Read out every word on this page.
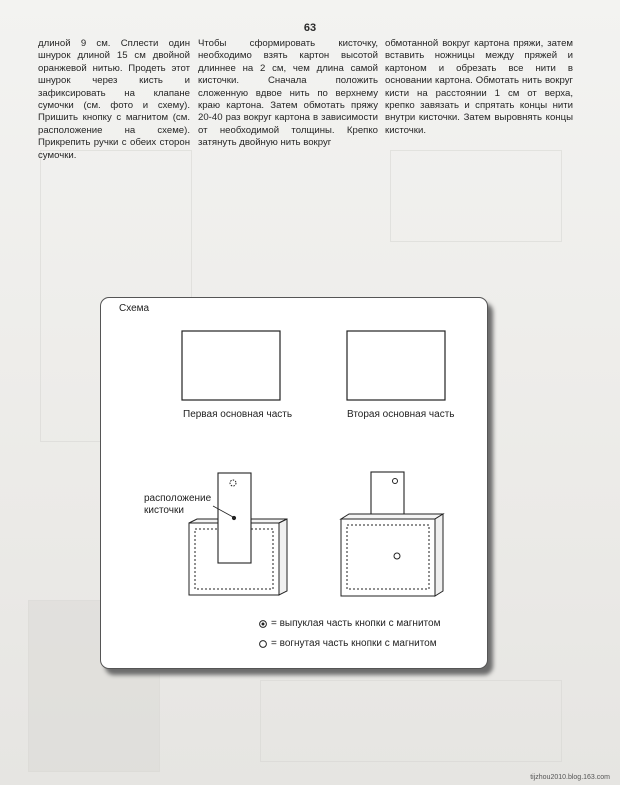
63
длиной 9 см. Сплести один шнурок длиной 15 см двойной оранжевой нитью. Продеть этот шнурок через кисть и зафиксировать на клапане сумочки (см. фото и схему). Пришить кнопку с магнитом (см. расположение на схеме). Прикрепить ручки с обеих сторон сумочки.
Чтобы сформировать кисточку, необходимо взять картон высотой длиннее на 2 см, чем длина самой кисточки. Сначала положить сложенную вдвое нить по верхнему краю картона. Затем обмотать пряжу 20-40 раз вокруг картона в зависимости от необходимой толщины. Крепко затянуть двойную нить вокруг
обмотанной вокруг картона пряжи, затем вставить ножницы между пряжей и картоном и обрезать все нити в основании картона. Обмотать нить вокруг кисти на расстоянии 1 см от верха, крепко завязать и спрятать концы нити внутри кисточки. Затем выровнять концы кисточки.
Схема
Первая основная часть	Вторая основная часть
расположение
кисточки
= выпуклая часть кнопки с магнитом
= вогнутая часть кнопки с магнитом
tijzhou2010.blog.163.com
